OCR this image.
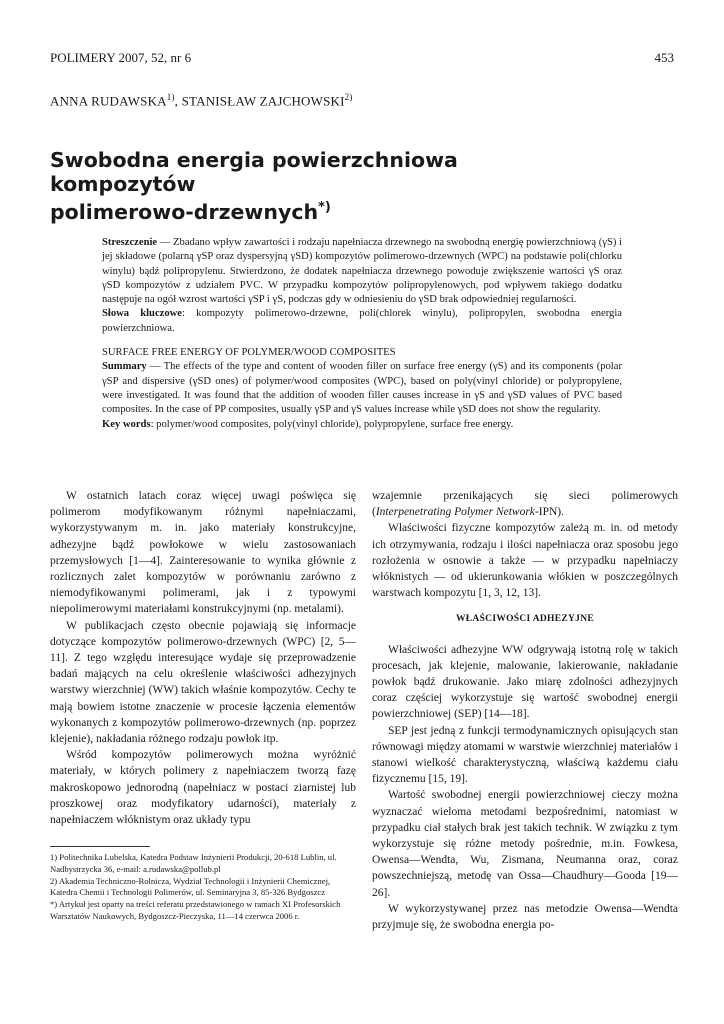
POLIMERY 2007, 52, nr 6	453
ANNA RUDAWSKA$^{1)}$, STANISŁAW ZAJCHOWSKI$^{2)}$
Swobodna energia powierzchniowa kompozytów
polimerowo-drzewnych*)

Streszczenie — Zbadano wpływ zawartości i rodzaju napełniacza drzewnego na swobodną energię powierzchniową (γS) i jej składowe (polarną γSP oraz dyspersyjną γSD) kompozytów polimerowo-drzewnych (WPC) na podstawie poli(chlorku winylu) bądź polipropylenu. Stwierdzono, że dodatek napełniacza drzewnego powoduje zwiększenie wartości γS oraz γSD kompozytów z udziałem PVC. W przypadku kompozytów polipropylenowych, pod wpływem takiego dodatku następuje na ogół wzrost wartości γSP i γS, podczas gdy w odniesieniu do γSD brak odpowiedniej regularności.

Słowa kluczowe: kompozyty polimerowo-drzewne, poli(chlorek winylu), polipropylen, swobodna energia powierzchniowa.

SURFACE FREE ENERGY OF POLYMER/WOOD COMPOSITES

Summary — The effects of the type and content of wooden filler on surface free energy (γS) and its components (polar γSP and dispersive (γSD ones) of polymer/wood composites (WPC), based on poly(vinyl chloride) or polypropylene, were investigated. It was found that the addition of wooden filler causes increase in γS and γSD values of PVC based composites. In the case of PP composites, usually γSP and γS values increase while γSD does not show the regularity.

Key words: polymer/wood composites, poly(vinyl chloride), polypropylene, surface free energy.

W ostatnich latach coraz więcej uwagi poświęca się polimerom modyfikowanym różnymi napełniaczami, wykorzystywanym m. in. jako materiały konstrukcyjne, adhezyjne bądź powłokowe w wielu zastosowaniach przemysłowych [1—4]. Zainteresowanie to wynika głównie z rozlicznych zalet kompozytów w porównaniu zarówno z niemodyfikowanymi polimerami, jak i z typowymi niepolimerowymi materiałami konstrukcyjnymi (np. metalami).

W publikacjach często obecnie pojawiają się informacje dotyczące kompozytów polimerowo-drzewnych (WPC) [2, 5—11]. Z tego względu interesujące wydaje się przeprowadzenie badań mających na celu określenie właściwości adhezyjnych warstwy wierzchniej (WW) takich właśnie kompozytów. Cechy te mają bowiem istotne znaczenie w procesie łączenia elementów wykonanych z kompozytów polimerowo-drzewnych (np. poprzez klejenie), nakładania różnego rodzaju powłok itp.

Wśród kompozytów polimerowych można wyróżnić materiały, w których polimery z napełniaczem tworzą fazę makroskopowo jednorodną (napełniacz w postaci ziarnistej lub proszkowej oraz modyfikatory udarności), materiały z napełniaczem włóknistym oraz układy typu

wzajemnie przenikających się sieci polimerowych (Interpenetrating Polymer Network-IPN).

Właściwości fizyczne kompozytów zależą m. in. od metody ich otrzymywania, rodzaju i ilości napełniacza oraz sposobu jego rozłożenia w osnowie a także — w przypadku napełniaczy włóknistych — od ukierunkowania włókien w poszczególnych warstwach kompozytu [1, 3, 12, 13].

WŁAŚCIWOŚCI ADHEZYJNE

Właściwości adhezyjne WW odgrywają istotną rolę w takich procesach, jak klejenie, malowanie, lakierowanie, nakładanie powłok bądź drukowanie. Jako miarę zdolności adhezyjnych coraz częściej wykorzystuje się wartość swobodnej energii powierzchniowej (SEP) [14—18].

SEP jest jedną z funkcji termodynamicznych opisujących stan równowagi między atomami w warstwie wierzchniej materiałów i stanowi wielkość charakterystyczną, właściwą każdemu ciału fizycznemu [15, 19].

Wartość swobodnej energii powierzchniowej cieczy można wyznaczać wieloma metodami bezpośrednimi, natomiast w przypadku ciał stałych brak jest takich technik. W związku z tym wykorzystuje się różne metody pośrednie, m.in. Fowkesa, Owensa—Wendta, Wu, Zismana, Neumanna oraz, coraz powszechniejszą, metodę van Ossa—Chaudhury—Gooda [19—26].

W wykorzystywanej przez nas metodzie Owensa—Wendta przyjmuje się, że swobodna energia po-

1) Politechnika Lubelska, Katedra Podstaw Inżynierii Produkcji, 20-618 Lublin, ul. Nadbystrzycka 36, e-mail: a.rudawska@pollub.pl

2) Akademia Techniczno-Rolnicza, Wydział Technologii i Inżynierii Chemicznej, Katedra Chemii i Technologii Polimerów, ul. Seminaryjna 3, 85-326 Bydgoszcz

*) Artykuł jest oparty na treści referatu przedstawionego w ramach XI Profesorskich Warsztatów Naukowych, Bydgoszcz-Pieczyska, 11—14 czerwca 2006 r.
